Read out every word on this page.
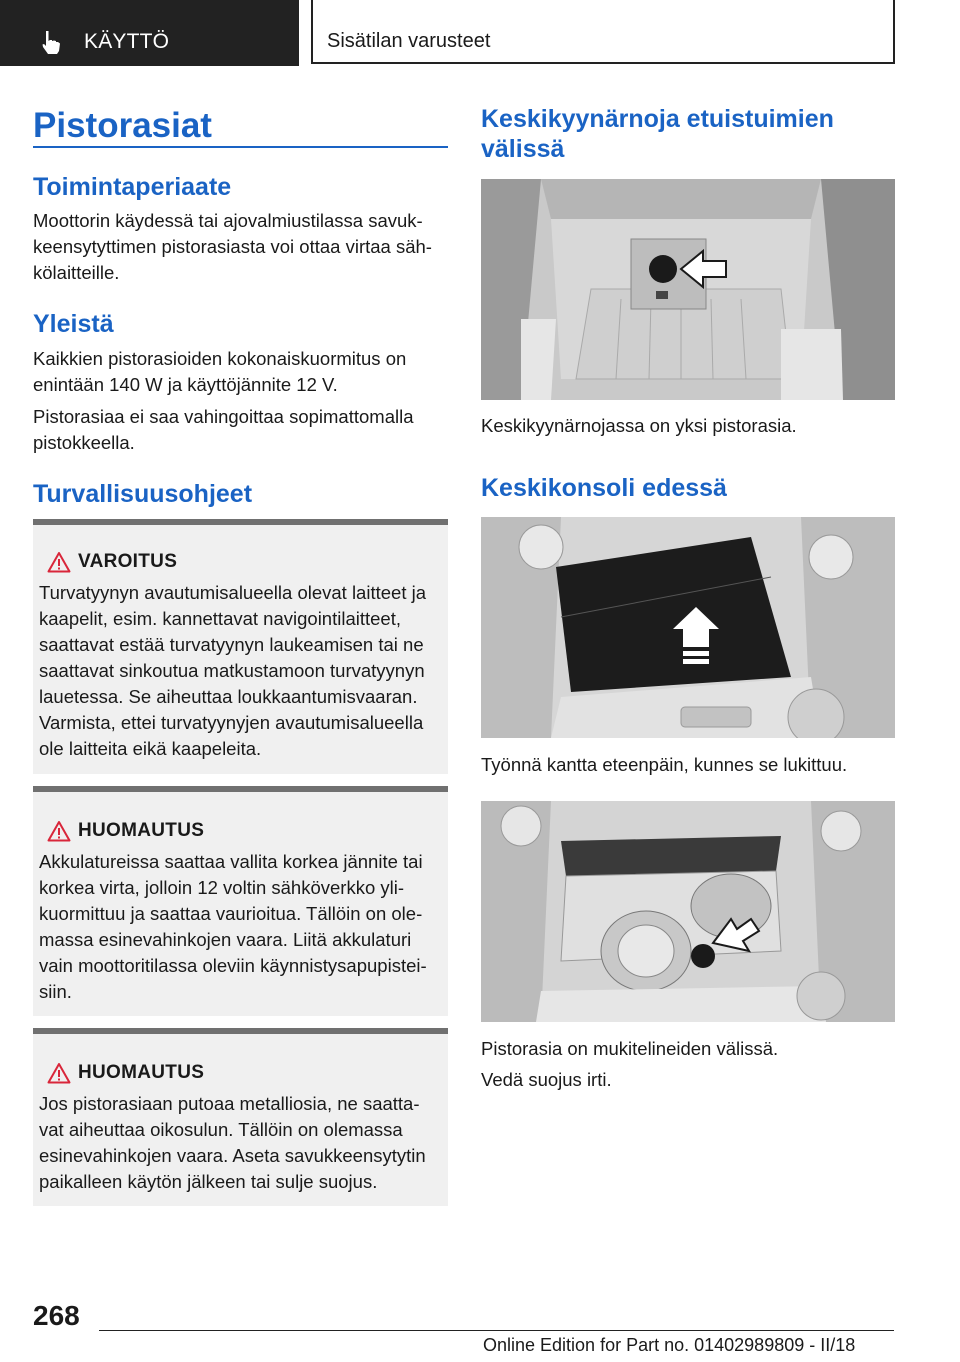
KÄYTTÖ	Sisätilan varusteet
Pistorasiat
Toimintaperiaate
Moottorin käydessä tai ajovalmiustilassa savuk‐
keensytyttimen pistorasiasta voi ottaa virtaa säh‐
kölaitteille.
Yleistä
Kaikkien pistorasioiden kokonaiskuormitus on
enintään 140 W ja käyttöjännite 12 V.
Pistorasiaa ei saa vahingoittaa sopimattomalla
pistokkeella.
Turvallisuusohjeet
VAROITUS
Turvatyynyn avautumisalueella olevat laitteet ja
kaapelit, esim. kannettavat navigointilaitteet,
saattavat estää turvatyynyn laukeamisen tai ne
saattavat sinkoutua matkustamoon turvatyynyn
lauetessa. Se aiheuttaa loukkaantumisvaaran.
Varmista, ettei turvatyynyjen avautumisalueella
ole laitteita eikä kaapeleita.
HUOMAUTUS
Akkulatureissa saattaa vallita korkea jännite tai
korkea virta, jolloin 12 voltin sähköverkko yli‐
kuormittuu ja saattaa vaurioitua. Tällöin on ole‐
massa esinevahinkojen vaara. Liitä akkulaturi
vain moottoritilassa oleviin käynnistysapupistei‐
siin.
HUOMAUTUS
Jos pistorasiaan putoaa metalliosia, ne saatta‐
vat aiheuttaa oikosulun. Tällöin on olemassa
esinevahinkojen vaara. Aseta savukkeensytytin
paikalleen käytön jälkeen tai sulje suojus.
Keskikyynärnoja etuistuimien
välissä
Keskikyynärnojassa on yksi pistorasia.
Keskikonsoli edessä
Työnnä kantta eteenpäin, kunnes se lukittuu.
Pistorasia on mukitelineiden välissä.
Vedä suojus irti.
268
Online Edition for Part no. 01402989809 - II/18
